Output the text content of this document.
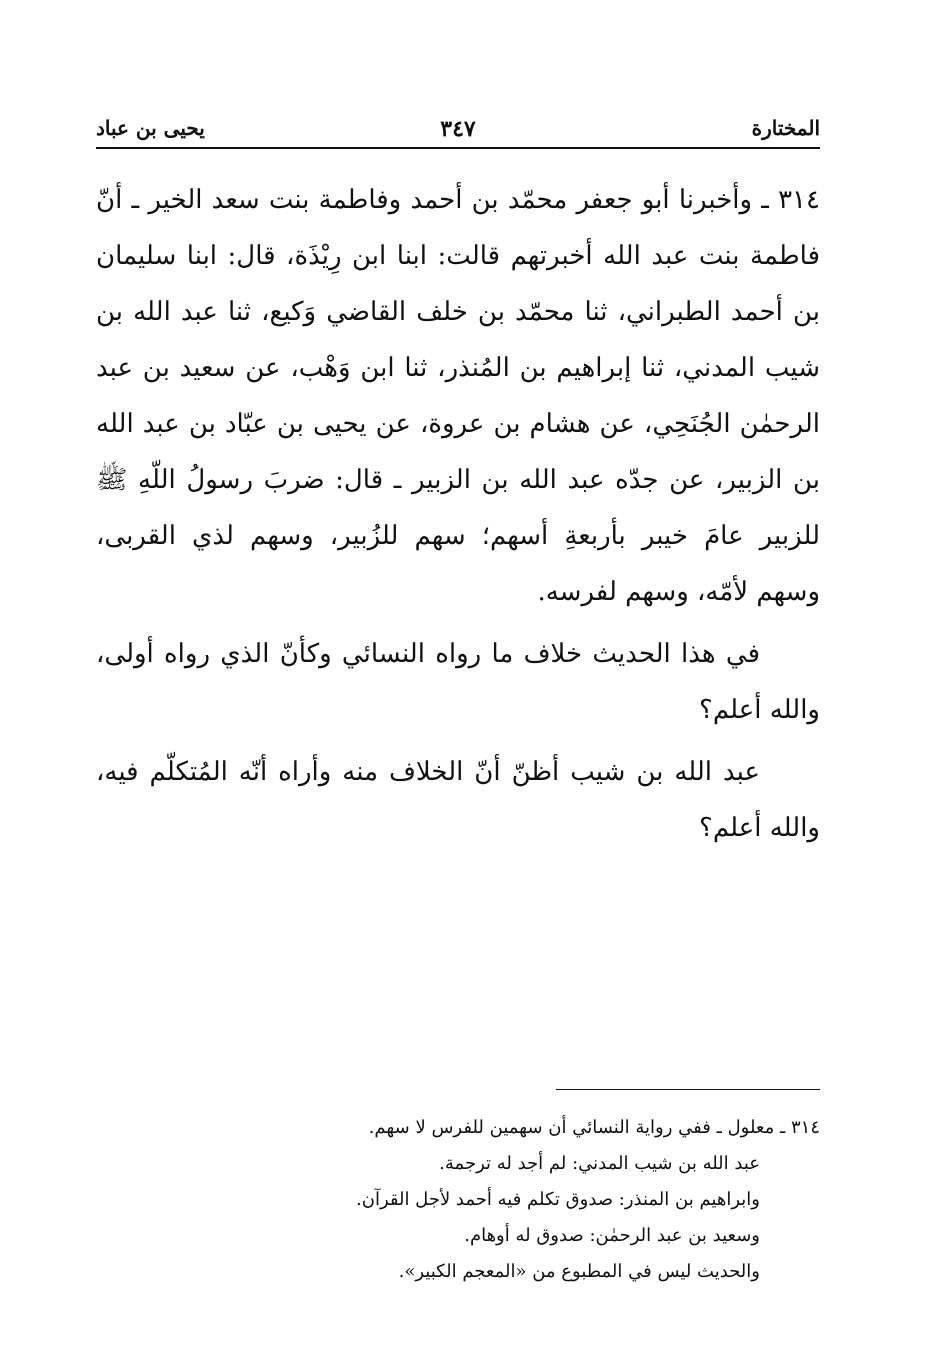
المختارة
٣٤٧
يحيى بن عباد

٣١٤ ـ وأخبرنا أبو جعفر محمّد بن أحمد وفاطمة بنت سعد الخير ـ أنّ فاطمة بنت عبد الله أخبرتهم قالت: ابنا ابن رِيْذَة، قال: ابنا سليمان بن أحمد الطبراني، ثنا محمّد بن خلف القاضي وَكيع، ثنا عبد الله بن شيب المدني، ثنا إبراهيم بن المُنذر، ثنا ابن وَهْب، عن سعيد بن عبد الرحمٰن الجُنَحِي، عن هشام بن عروة، عن يحيى بن عبّاد بن عبد الله بن الزبير، عن جدّه عبد الله بن الزبير ـ قال: ضربَ رسولُ اللّهِ ﷺ للزبير عامَ خيبر بأربعةِ أسهم؛ سهم للزُبير، وسهم لذي القربى، وسهم لأمّه، وسهم لفرسه.

في هذا الحديث خلاف ما رواه النسائي وكأنّ الذي رواه أولى، والله أعلم؟

عبد الله بن شيب أظنّ أنّ الخلاف منه وأراه أنّه المُتكلّم فيه، والله أعلم؟

٣١٤ ـ معلول ـ ففي رواية النسائي أن سهمين للفرس لا سهم.
عبد الله بن شيب المدني: لم أجد له ترجمة.
وابراهيم بن المنذر: صدوق تكلم فيه أحمد لأجل القرآن.
وسعيد بن عبد الرحمٰن: صدوق له أوهام.
والحديث ليس في المطبوع من «المعجم الكبير».
